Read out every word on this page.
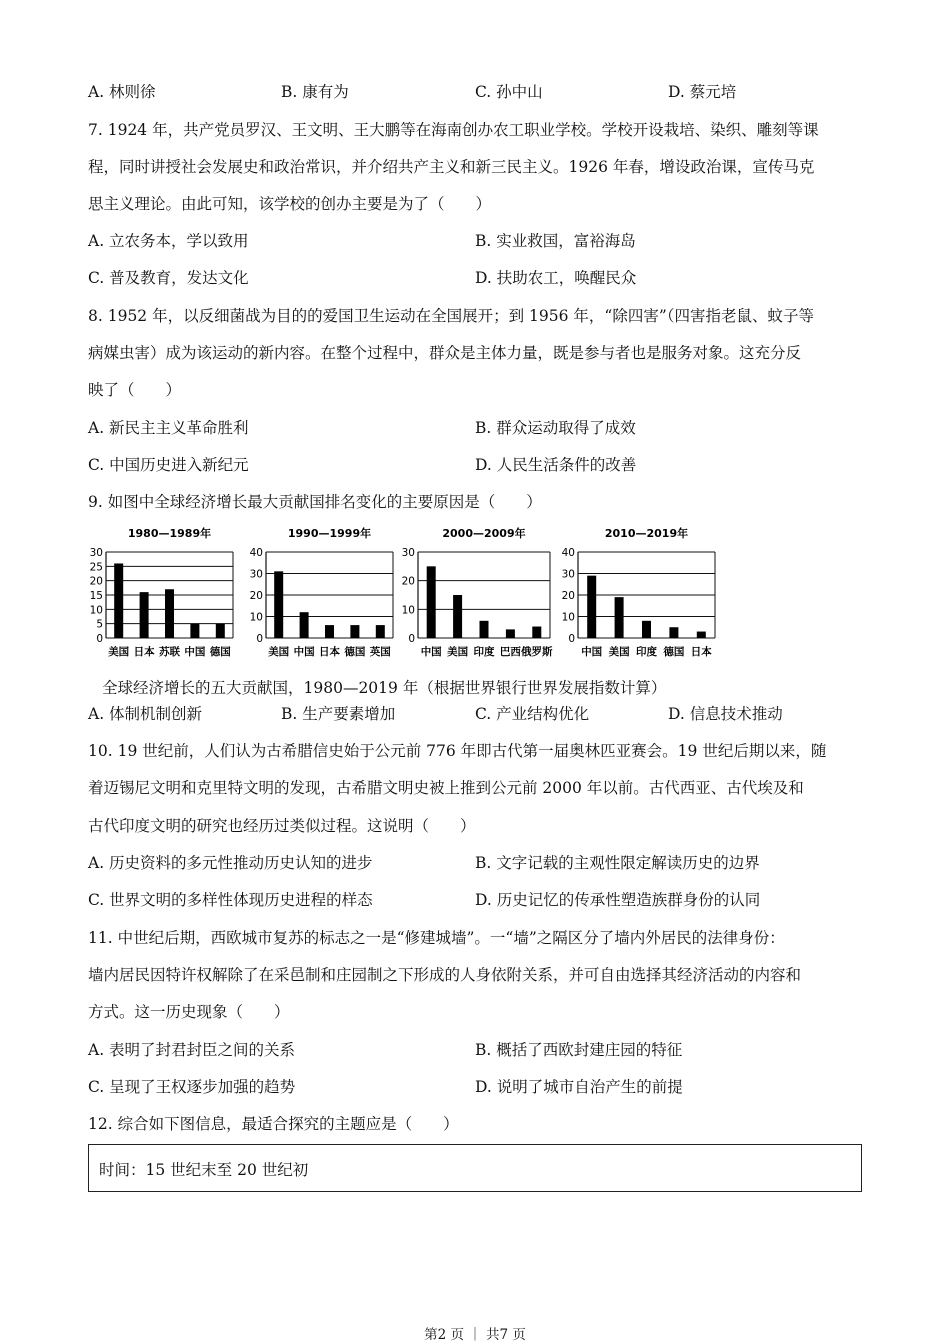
A. 林则徐	B. 康有为	C. 孙中山	D. 蔡元培
7. 1924 年，共产党员罗汉、王文明、王大鹏等在海南创办农工职业学校。学校开设栽培、染织、雕刻等课
程，同时讲授社会发展史和政治常识，并介绍共产主义和新三民主义。1926 年春，增设政治课，宣传马克
思主义理论。由此可知，该学校的创办主要是为了（　　）
A. 立农务本，学以致用	B. 实业救国，富裕海岛
C. 普及教育，发达文化	D. 扶助农工，唤醒民众
8. 1952 年，以反细菌战为目的的爱国卫生运动在全国展开；到 1956 年，“除四害”（四害指老鼠、蚊子等
病媒虫害）成为该运动的新内容。在整个过程中，群众是主体力量，既是参与者也是服务对象。这充分反
映了（　　）
A. 新民主主义革命胜利	B. 群众运动取得了成效
C. 中国历史进入新纪元	D. 人民生活条件的改善
9. 如图中全球经济增长最大贡献国排名变化的主要原因是（　　）
1980—1989年
0
5
10
15
20
25
30
美国 日本 苏联 中国 德国
1990—1999年
0
10
20
30
40
美国 中国 日本 德国 英国
2000—2009年
0
10
20
30
中国 美国 印度 巴西 俄罗斯
2010—2019年
0
10
20
30
40
中国 美国 印度 德国 日本
全球经济增长的五大贡献国，1980—2019 年（根据世界银行世界发展指数计算）
A. 体制机制创新	B. 生产要素增加	C. 产业结构优化	D. 信息技术推动
10. 19 世纪前，人们认为古希腊信史始于公元前 776 年即古代第一届奥林匹亚赛会。19 世纪后期以来，随
着迈锡尼文明和克里特文明的发现，古希腊文明史被上推到公元前 2000 年以前。古代西亚、古代埃及和
古代印度文明的研究也经历过类似过程。这说明（　　）
A. 历史资料的多元性推动历史认知的进步	B. 文字记载的主观性限定解读历史的边界
C. 世界文明的多样性体现历史进程的样态	D. 历史记忆的传承性塑造族群身份的认同
11. 中世纪后期，西欧城市复苏的标志之一是“修建城墙”。一“墙”之隔区分了墙内外居民的法律身份：
墙内居民因特许权解除了在采邑制和庄园制之下形成的人身依附关系，并可自由选择其经济活动的内容和
方式。这一历史现象（　　）
A. 表明了封君封臣之间的关系	B. 概括了西欧封建庄园的特征
C. 呈现了王权逐步加强的趋势	D. 说明了城市自治产生的前提
12. 综合如下图信息，最适合探究的主题应是（　　）
时间：15 世纪末至 20 世纪初
第2 页 ｜ 共7 页
